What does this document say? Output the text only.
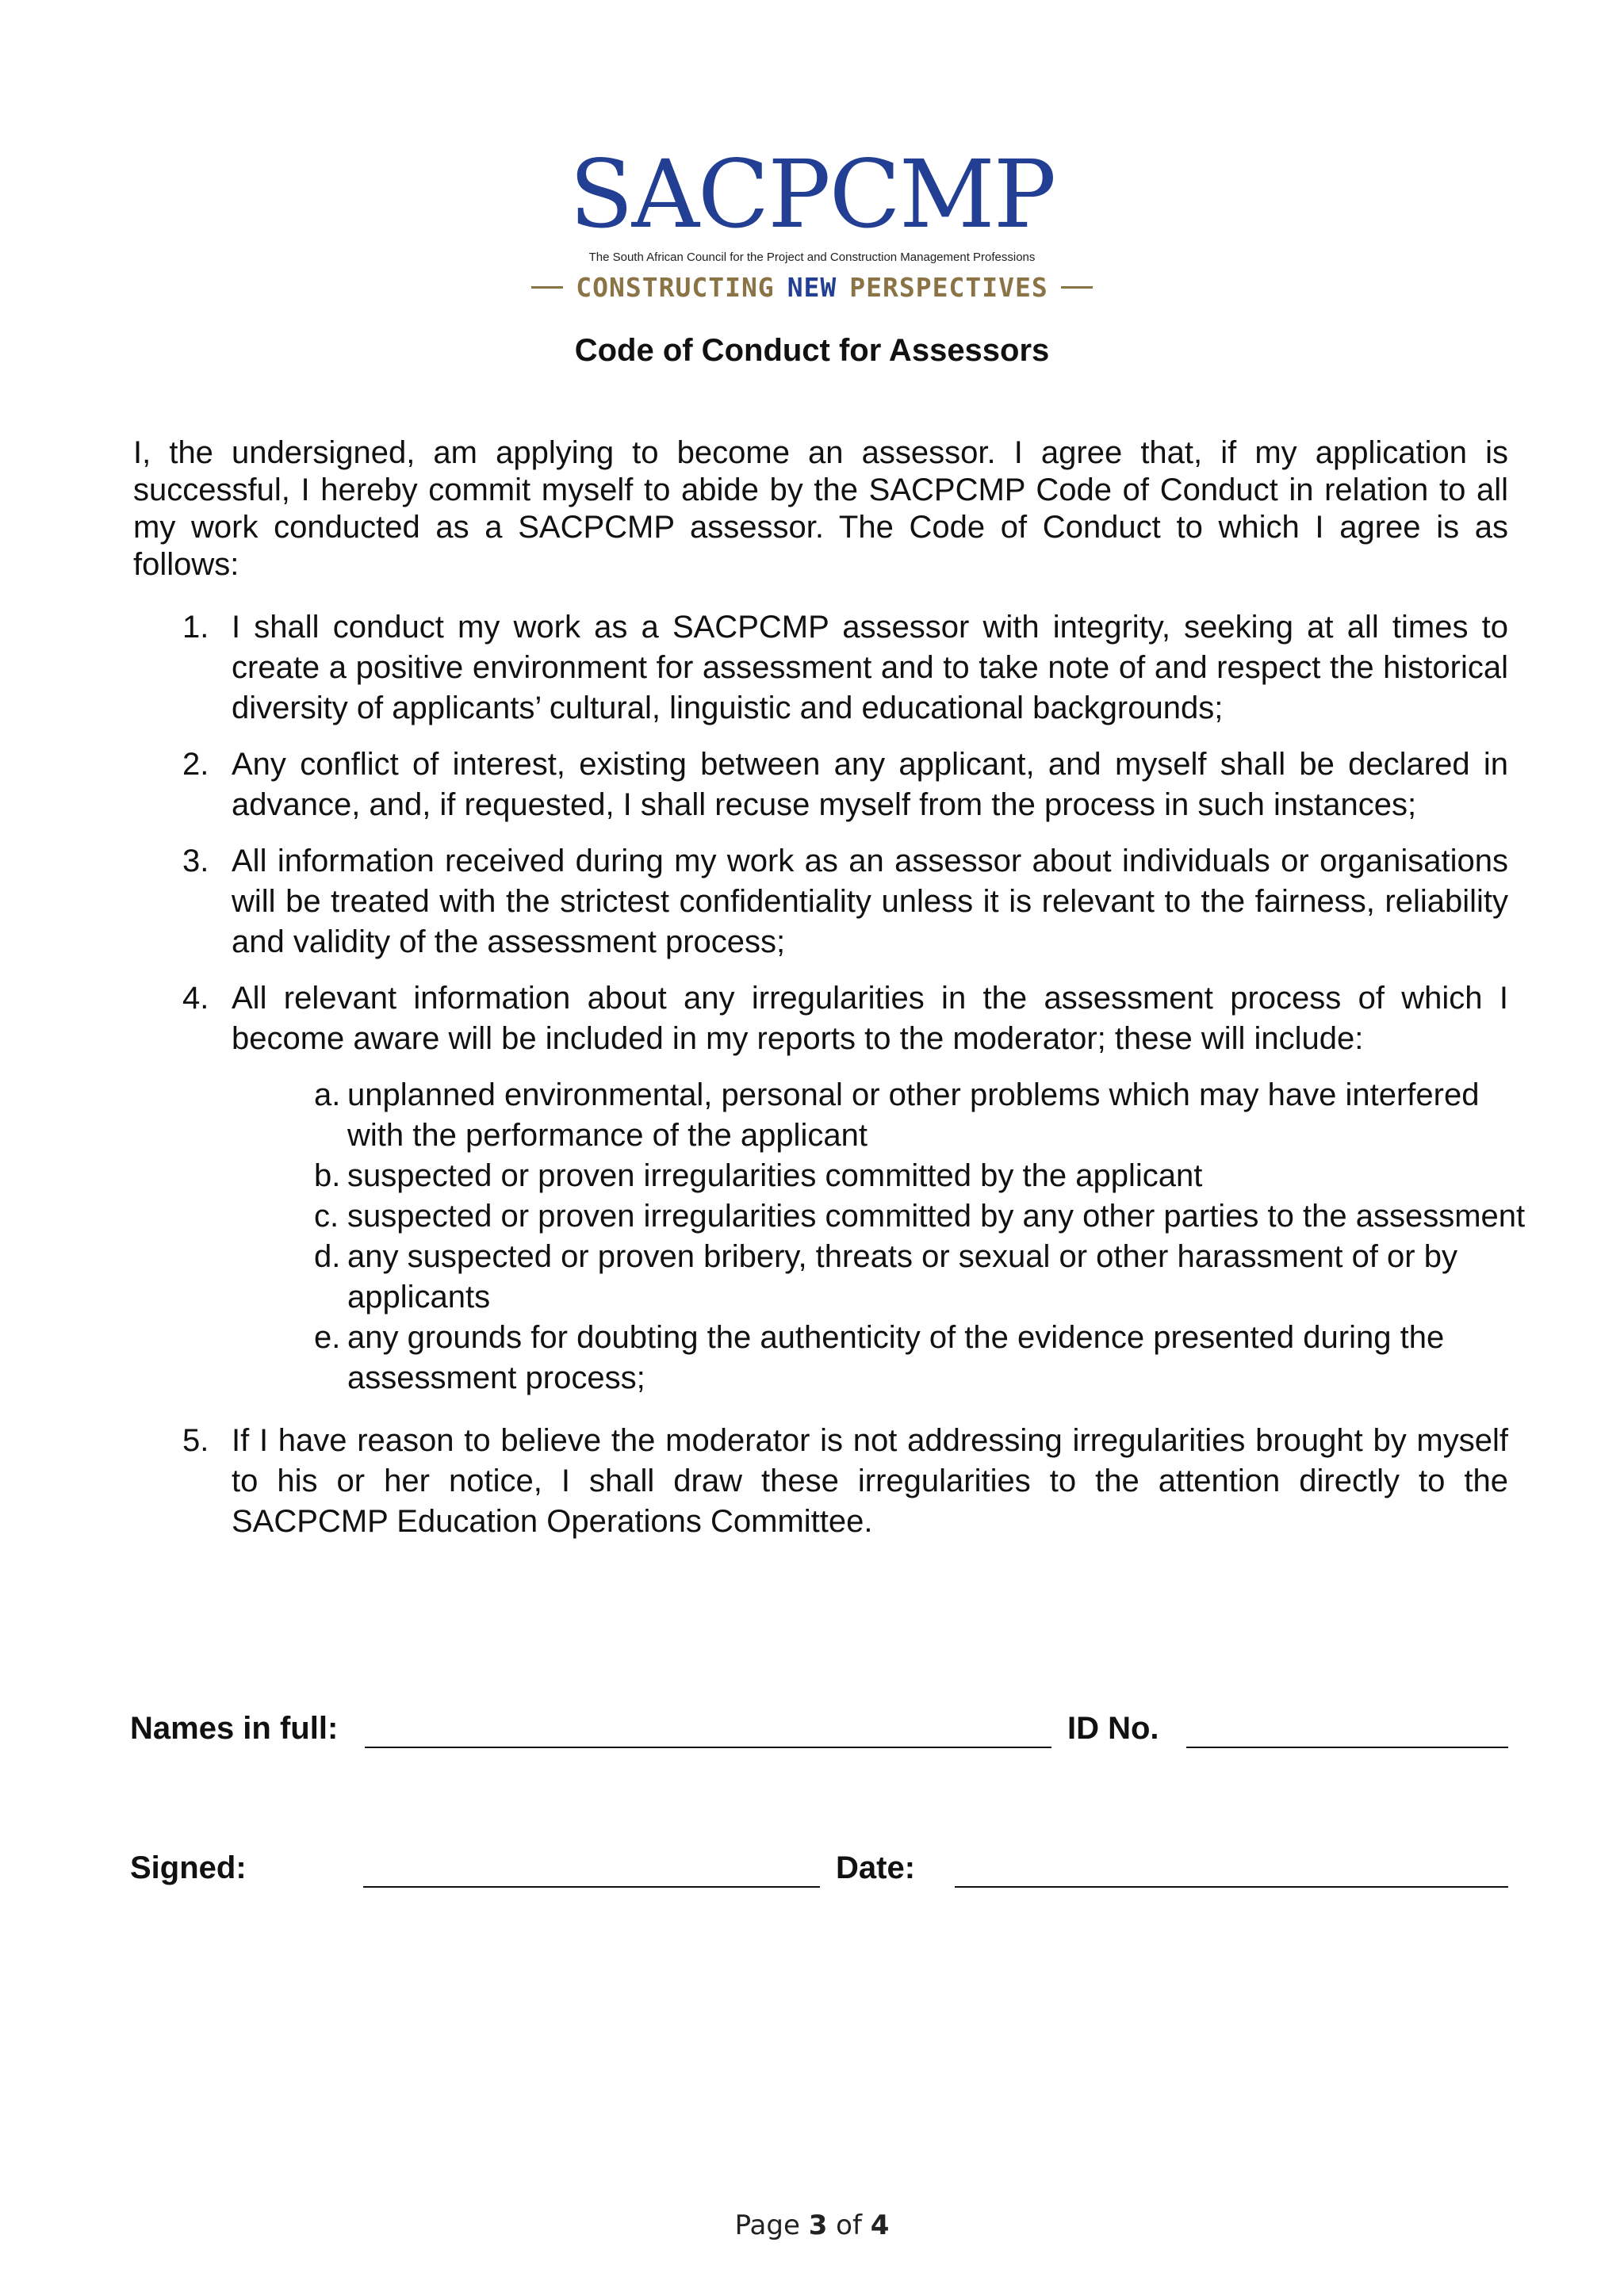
SACPCMP
The South African Council for the Project and Construction Management Professions
CONSTRUCTING NEW PERSPECTIVES
Code of Conduct for Assessors

I, the undersigned, am applying to become an assessor. I agree that, if my application is successful, I hereby commit myself to abide by the SACPCMP Code of Conduct in relation to all my work conducted as a SACPCMP assessor. The Code of Conduct to which I agree is as follows:

1. I shall conduct my work as a SACPCMP assessor with integrity, seeking at all times to create a positive environment for assessment and to take note of and respect the historical diversity of applicants’ cultural, linguistic and educational backgrounds;
2. Any conflict of interest, existing between any applicant, and myself shall be declared in advance, and, if requested, I shall recuse myself from the process in such instances;
3. All information received during my work as an assessor about individuals or organisations will be treated with the strictest confidentiality unless it is relevant to the fairness, reliability and validity of the assessment process;
4. All relevant information about any irregularities in the assessment process of which I become aware will be included in my reports to the moderator; these will include:
a. unplanned environmental, personal or other problems which may have interfered with the performance of the applicant
b. suspected or proven irregularities committed by the applicant
c. suspected or proven irregularities committed by any other parties to the assessment
d. any suspected or proven bribery, threats or sexual or other harassment of or by applicants
e. any grounds for doubting the authenticity of the evidence presented during the assessment process;
5. If I have reason to believe the moderator is not addressing irregularities brought by myself to his or her notice, I shall draw these irregularities to the attention directly to the SACPCMP Education Operations Committee.
Names in full:	ID No.
Signed:	Date:
Page 3 of 4
